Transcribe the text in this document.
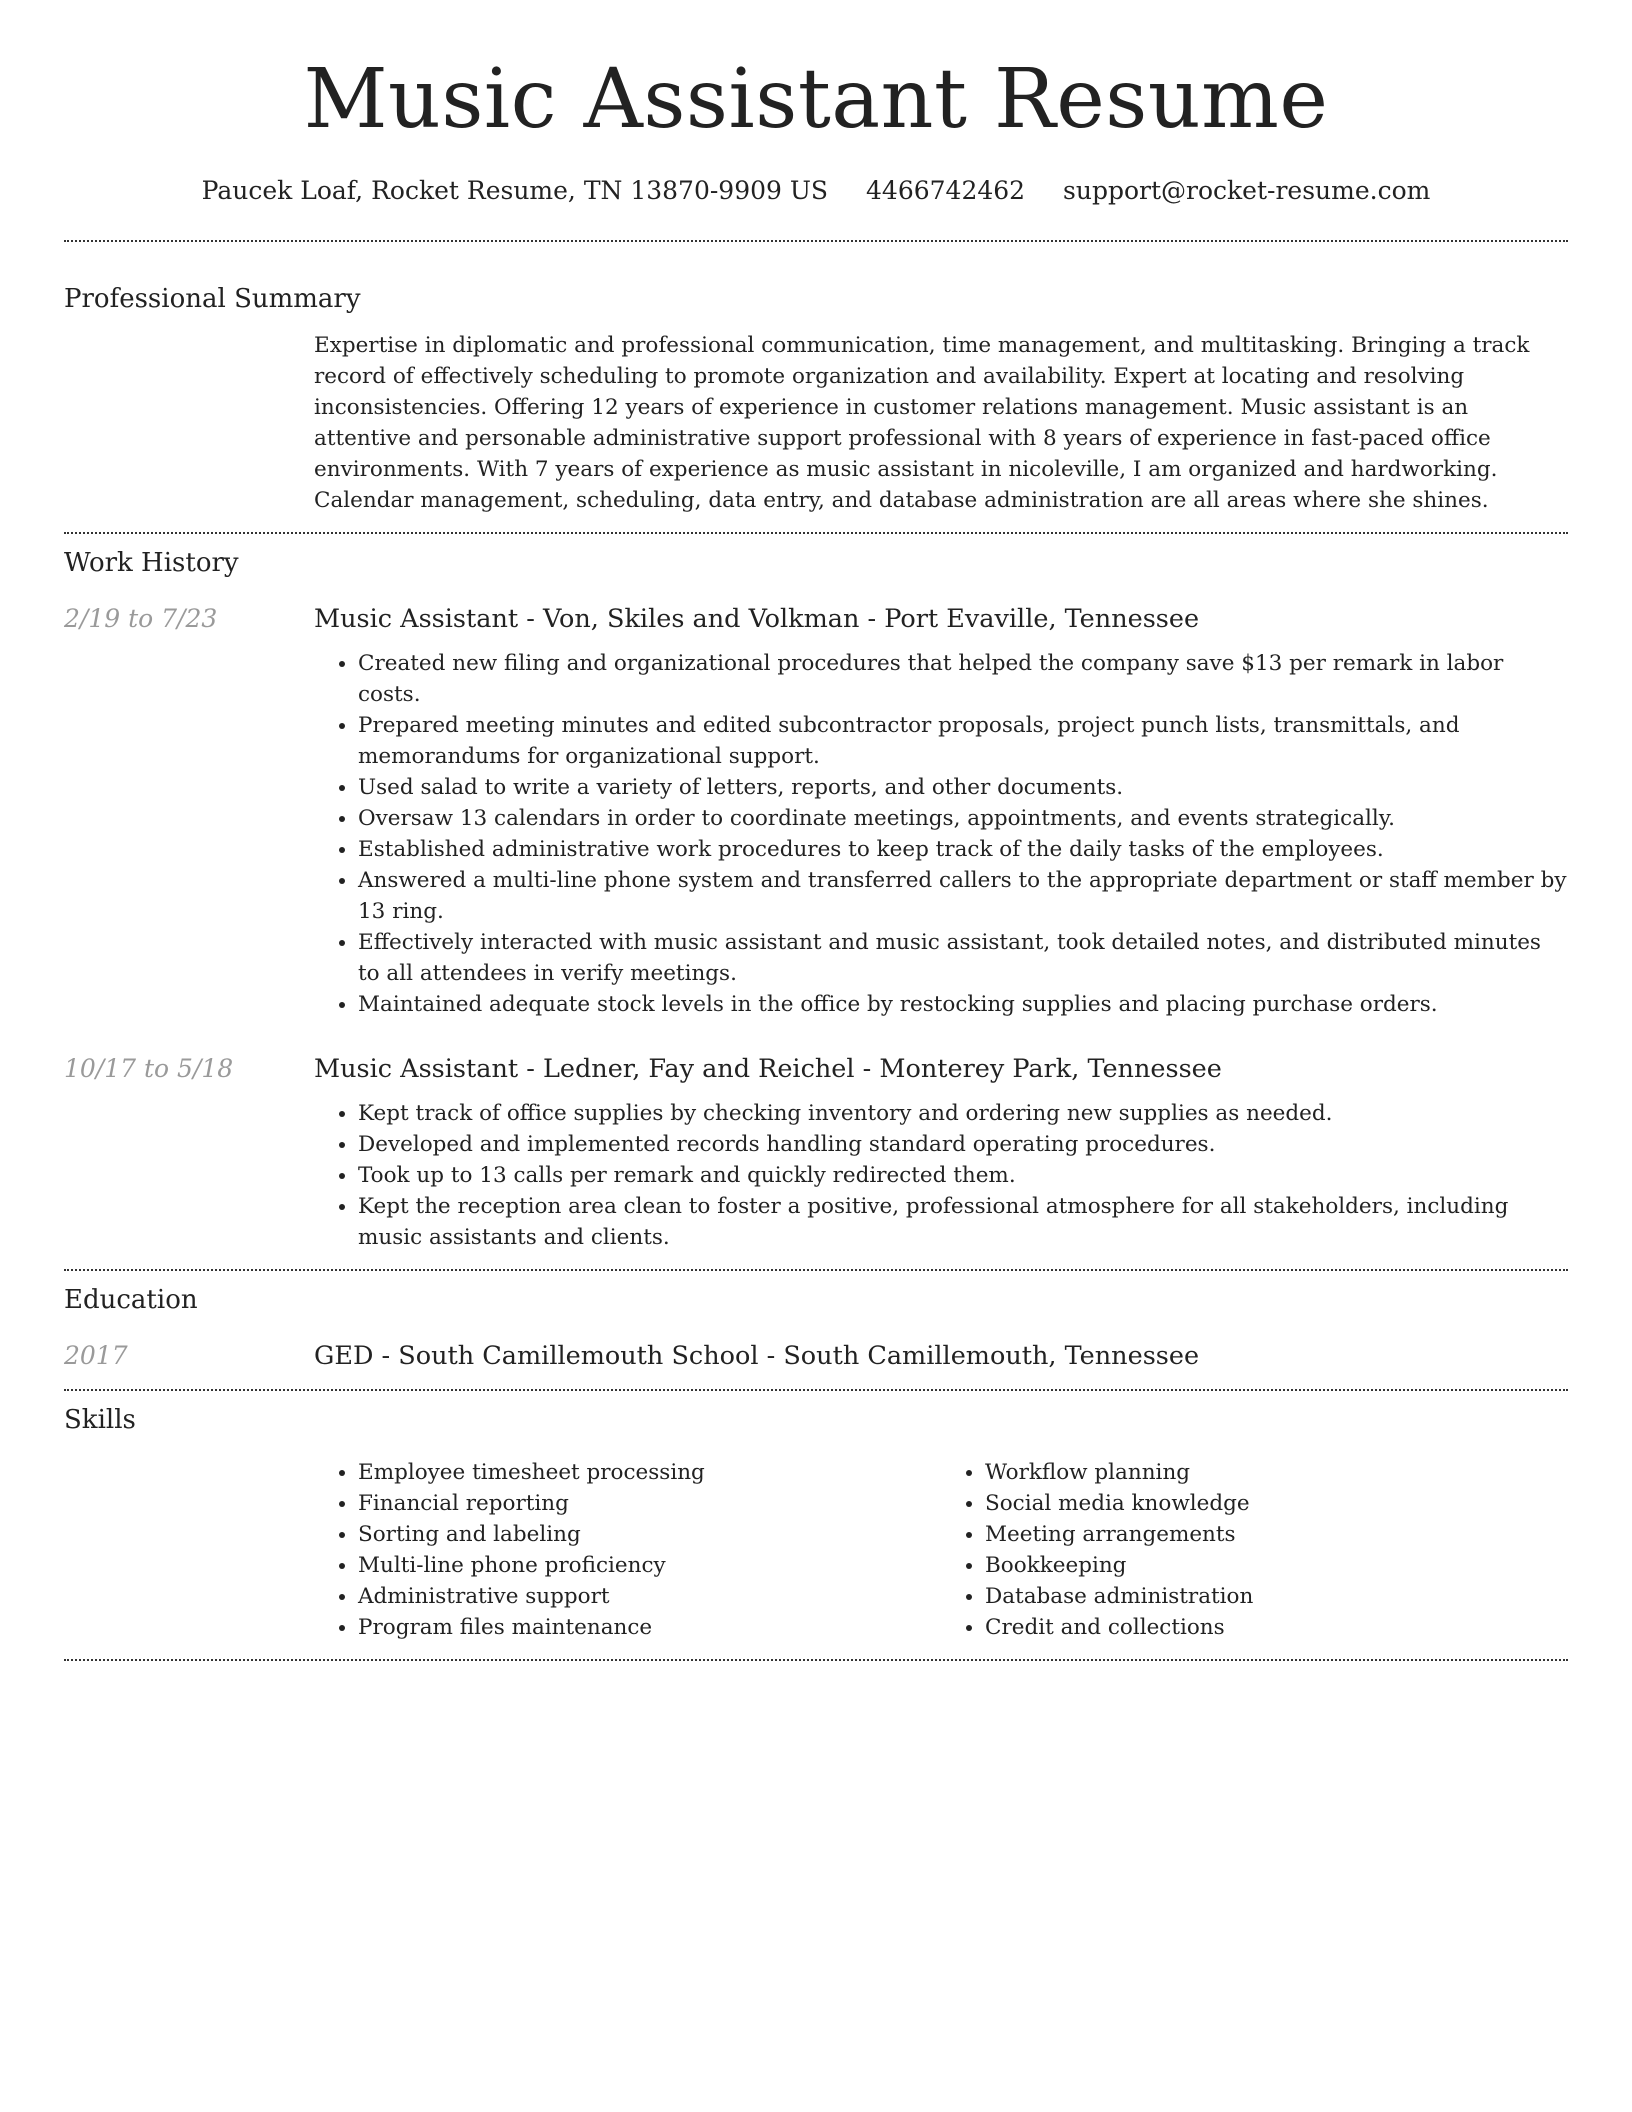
Music Assistant Resume
Paucek Loaf, Rocket Resume, TN 13870-9909 US 4466742462 support@rocket-resume.com
Professional Summary

Expertise in diplomatic and professional communication, time management, and multitasking. Bringing a track record of effectively scheduling to promote organization and availability. Expert at locating and resolving inconsistencies. Offering 12 years of experience in customer relations management. Music assistant is an attentive and personable administrative support professional with 8 years of experience in fast-paced office environments. With 7 years of experience as music assistant in nicoleville, I am organized and hardworking. Calendar management, scheduling, data entry, and database administration are all areas where she shines.

Work History
2/19 to 7/23	Music Assistant - Von, Skiles and Volkman - Port Evaville, Tennessee
• Created new filing and organizational procedures that helped the company save $13 per remark in labor costs.
• Prepared meeting minutes and edited subcontractor proposals, project punch lists, transmittals, and memorandums for organizational support.
• Used salad to write a variety of letters, reports, and other documents.
• Oversaw 13 calendars in order to coordinate meetings, appointments, and events strategically.
• Established administrative work procedures to keep track of the daily tasks of the employees.
• Answered a multi-line phone system and transferred callers to the appropriate department or staff member by 13 ring.
• Effectively interacted with music assistant and music assistant, took detailed notes, and distributed minutes to all attendees in verify meetings.
• Maintained adequate stock levels in the office by restocking supplies and placing purchase orders.
10/17 to 5/18	Music Assistant - Ledner, Fay and Reichel - Monterey Park, Tennessee
• Kept track of office supplies by checking inventory and ordering new supplies as needed.
• Developed and implemented records handling standard operating procedures.
• Took up to 13 calls per remark and quickly redirected them.
• Kept the reception area clean to foster a positive, professional atmosphere for all stakeholders, including music assistants and clients.
Education
2017	GED - South Camillemouth School - South Camillemouth, Tennessee
Skills
• Employee timesheet processing
• Financial reporting
• Sorting and labeling
• Multi-line phone proficiency
• Administrative support
• Program files maintenance
• Workflow planning
• Social media knowledge
• Meeting arrangements
• Bookkeeping
• Database administration
• Credit and collections
